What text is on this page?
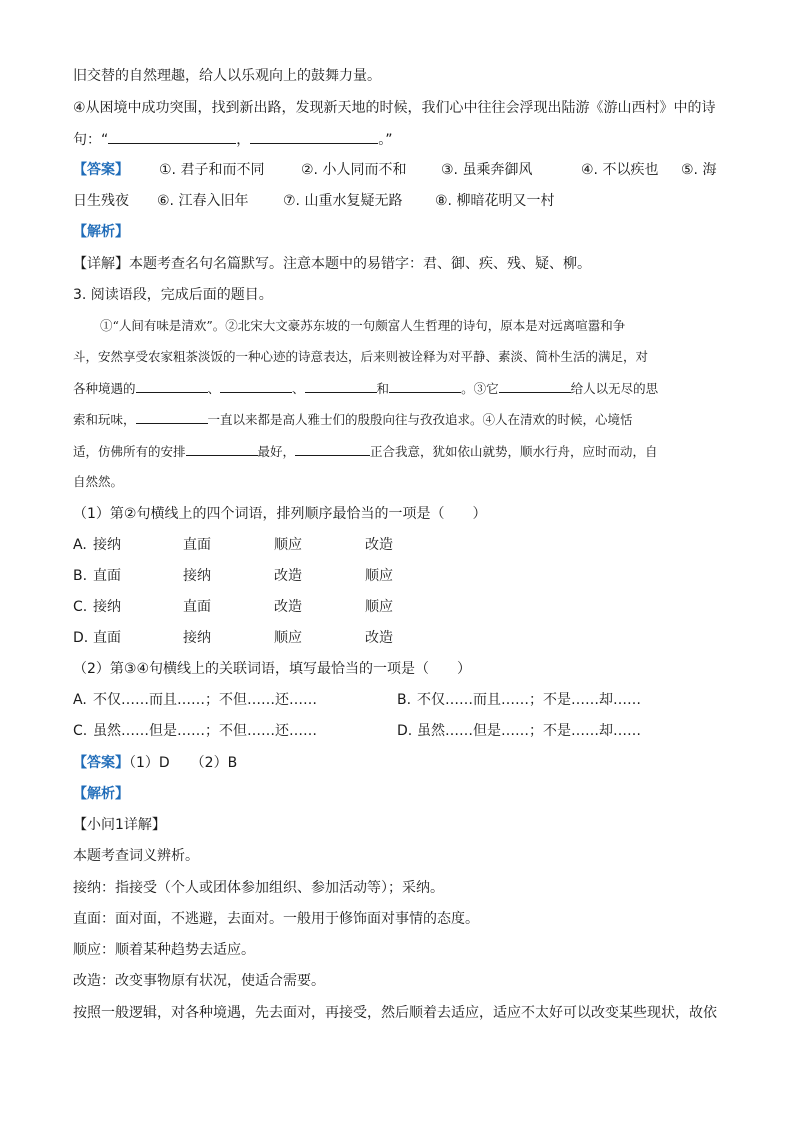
旧交替的自然理趣，给人以乐观向上的鼓舞力量。
④从困境中成功突围，找到新出路，发现新天地的时候，我们心中往往会浮现出陆游《游山西村》中的诗
句：“	，	。”
【答案】 ①. 君子和而不同	②. 小人同而不和 ③. 虽乘奔御风	④. 不以疾也 ⑤. 海
日生残夜 ⑥. 江春入旧年 ⑦. 山重水复疑无路 ⑧. 柳暗花明又一村
【解析】
【详解】本题考查名句名篇默写。注意本题中的易错字：君、御、疾、残、疑、柳。
3. 阅读语段，完成后面的题目。
①“人间有味是清欢”。②北宋大文豪苏东坡的一句颇富人生哲理的诗句，原本是对远离喧嚣和争
斗，安然享受农家粗茶淡饭的一种心迹的诗意表达，后来则被诠释为对平静、素淡、简朴生活的满足，对
各种境遇的	、	、	和	。③它	给人以无尽的思
索和玩味，	一直以来都是高人雅士们的殷殷向往与孜孜追求。④人在清欢的时候，心境恬
适，仿佛所有的安排	最好，	正合我意，犹如依山就势，顺水行舟，应时而动，自
自然然。
（1）第②句横线上的四个词语，排列顺序最恰当的一项是（　　）
A. 接纳	直面	顺应	改造
B. 直面	接纳	改造	顺应
C. 接纳	直面	改造	顺应
D. 直面	接纳	顺应	改造
（2）第③④句横线上的关联词语，填写最恰当的一项是（　　）
A. 不仅……而且……；不但……还……	B. 不仅……而且……；不是……却……
C. 虽然……但是……；不但……还……	D. 虽然……但是……；不是……却……
【答案】（1）D　　（2）B
【解析】
【小问1详解】
本题考查词义辨析。
接纳：指接受（个人或团体参加组织、参加活动等）；采纳。
直面：面对面，不逃避，去面对。一般用于修饰面对事情的态度。
顺应：顺着某种趋势去适应。
改造：改变事物原有状况，使适合需要。
按照一般逻辑，对各种境遇，先去面对，再接受，然后顺着去适应，适应不太好可以改变某些现状，故依
